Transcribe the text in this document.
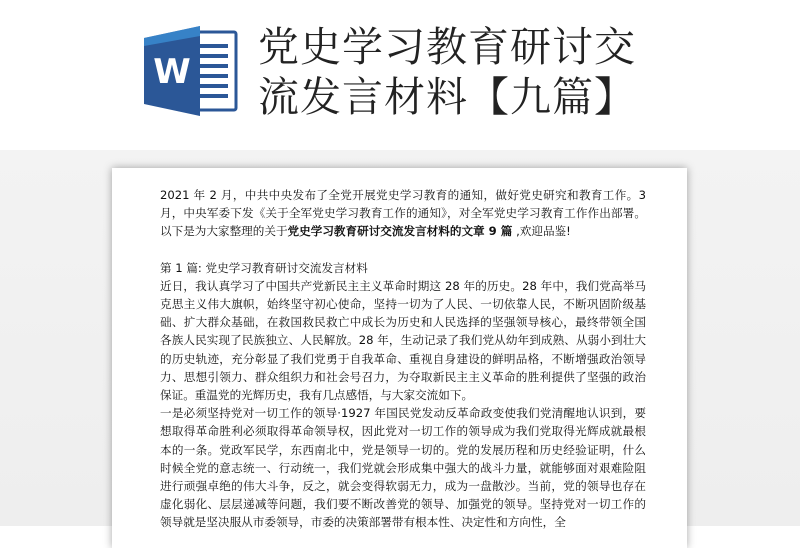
W
党史学习教育研讨交
流发言材料【九篇】

2021 年 2 月，中共中央发布了全党开展党史学习教育的通知，做好党史研究和教育工作。3 月，中央军委下发《关于全军党史学习教育工作的通知》，对全军党史学习教育工作作出部署。 以下是为大家整理的关于党史学习教育研讨交流发言材料的文章 9 篇 ,欢迎品鉴!

第 1 篇: 党史学习教育研讨交流发言材料

近日，我认真学习了中国共产党新民主主义革命时期这 28 年的历史。28 年中，我们党高举马克思主义伟大旗帜，始终坚守初心使命，坚持一切为了人民、一切依靠人民，不断巩固阶级基础、扩大群众基础，在救国救民救亡中成长为历史和人民选择的坚强领导核心，最终带领全国各族人民实现了民族独立、人民解放。28 年，生动记录了我们党从幼年到成熟、从弱小到壮大的历史轨迹，充分彰显了我们党勇于自我革命、重视自身建设的鲜明品格，不断增强政治领导力、思想引领力、群众组织力和社会号召力，为夺取新民主主义革命的胜利提供了坚强的政治保证。重温党的光辉历史，我有几点感悟，与大家交流如下。

一是必须坚持党对一切工作的领导·1927 年国民党发动反革命政变使我们党清醒地认识到，要想取得革命胜利必须取得革命领导权，因此党对一切工作的领导成为我们党取得光辉成就最根本的一条。党政军民学，东西南北中，党是领导一切的。党的发展历程和历史经验证明，什么时候全党的意志统一、行动统一，我们党就会形成集中强大的战斗力量，就能够面对艰难险阻进行顽强卓绝的伟大斗争，反之，就会变得软弱无力，成为一盘散沙。当前，党的领导也存在虚化弱化、层层递减等问题，我们要不断改善党的领导、加强党的领导。坚持党对一切工作的领导就是坚决服从市委领导，市委的决策部署带有根本性、决定性和方向性，全
